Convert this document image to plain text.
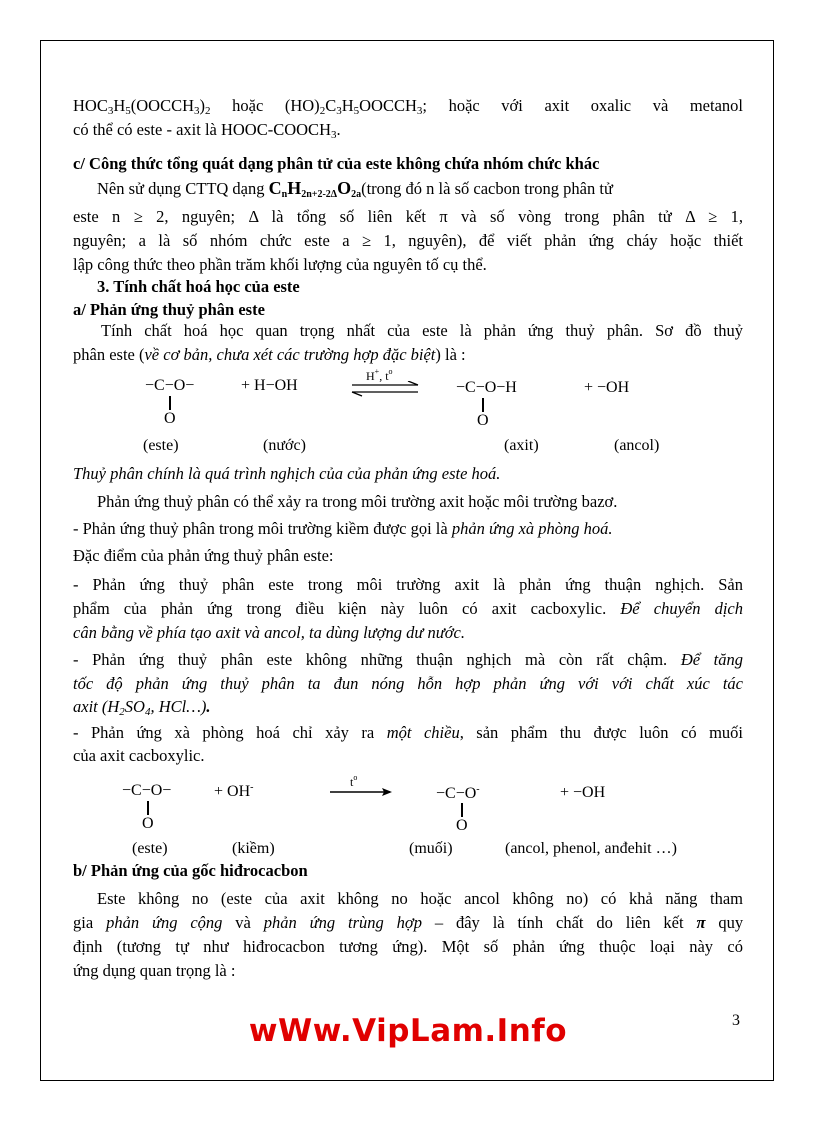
$HOC_3H_5(OOCCH_3)_2$ hoặc $(HO)_2C_3H_5OOCCH_3$; hoặc với axit oxalic và metanol
có thể có este - axit là HOOC-$COOCH_3$.
c/ Công thức tổng quát dạng phân tử của este không chứa nhóm chức khác
Nên sử dụng CTTQ dạng $C_nH_{2n+2-2\Delta}O_{2a}(trong$ đó n là số cacbon trong phân tử
este n ≥ 2, nguyên; Δ là tổng số liên kết π và số vòng trong phân tử Δ ≥ 1,
nguyên; a là số nhóm chức este a ≥ 1, nguyên), để viết phản ứng cháy hoặc thiết
lập công thức theo phần trăm khối lượng của nguyên tố cụ thể.
3. Tính chất hoá học của este
a/ Phản ứng thuỷ phân este
Tính chất hoá học quan trọng nhất của este là phản ứng thuỷ phân. Sơ đồ thuỷ
phân este (về cơ bản, chưa xét các trường hợp đặc biệt) là :
−C−O−
O
+ H−OH
H+, $t^o$
−C−O−H
O
+ −OH
(este)	(nước)	(axit)	(ancol)
Thuỷ phân chính là quá trình nghịch của của phản ứng este hoá.
Phản ứng thuỷ phân có thể xảy ra trong môi trường axit hoặc môi trường bazơ.
- Phản ứng thuỷ phân trong môi trường kiềm được gọi là phản ứng xà phòng hoá.
Đặc điểm của phản ứng thuỷ phân este:
- Phản ứng thuỷ phân este trong môi trường axit là phản ứng thuận nghịch. Sản
phẩm của phản ứng trong điều kiện này luôn có axit cacboxylic. Để chuyển dịch
cân bằng về phía tạo axit và ancol, ta dùng lượng dư nước.
- Phản ứng thuỷ phân este không những thuận nghịch mà còn rất chậm. Để tăng
tốc độ phản ứng thuỷ phân ta đun nóng hỗn hợp phản ứng với với chất xúc tác
axit ($H_2SO_4$, HCl…).
- Phản ứng xà phòng hoá chỉ xảy ra một chiều, sản phẩm thu được luôn có muối
của axit cacboxylic.
−C−O−
O
+ OH-	$t^o$
−C−O-
O
+ −OH
(este)	(kiềm)	(muối)	(ancol, phenol, anđehit …)
b/ Phản ứng của gốc hiđrocacbon
Este không no (este của axit không no hoặc ancol không no) có khả năng tham
gia phản ứng cộng và phản ứng trùng hợp – đây là tính chất do liên kết π quy
định (tương tự như hiđrocacbon tương ứng). Một số phản ứng thuộc loại này có
ứng dụng quan trọng là :
3
wWw.VipLam.Info
